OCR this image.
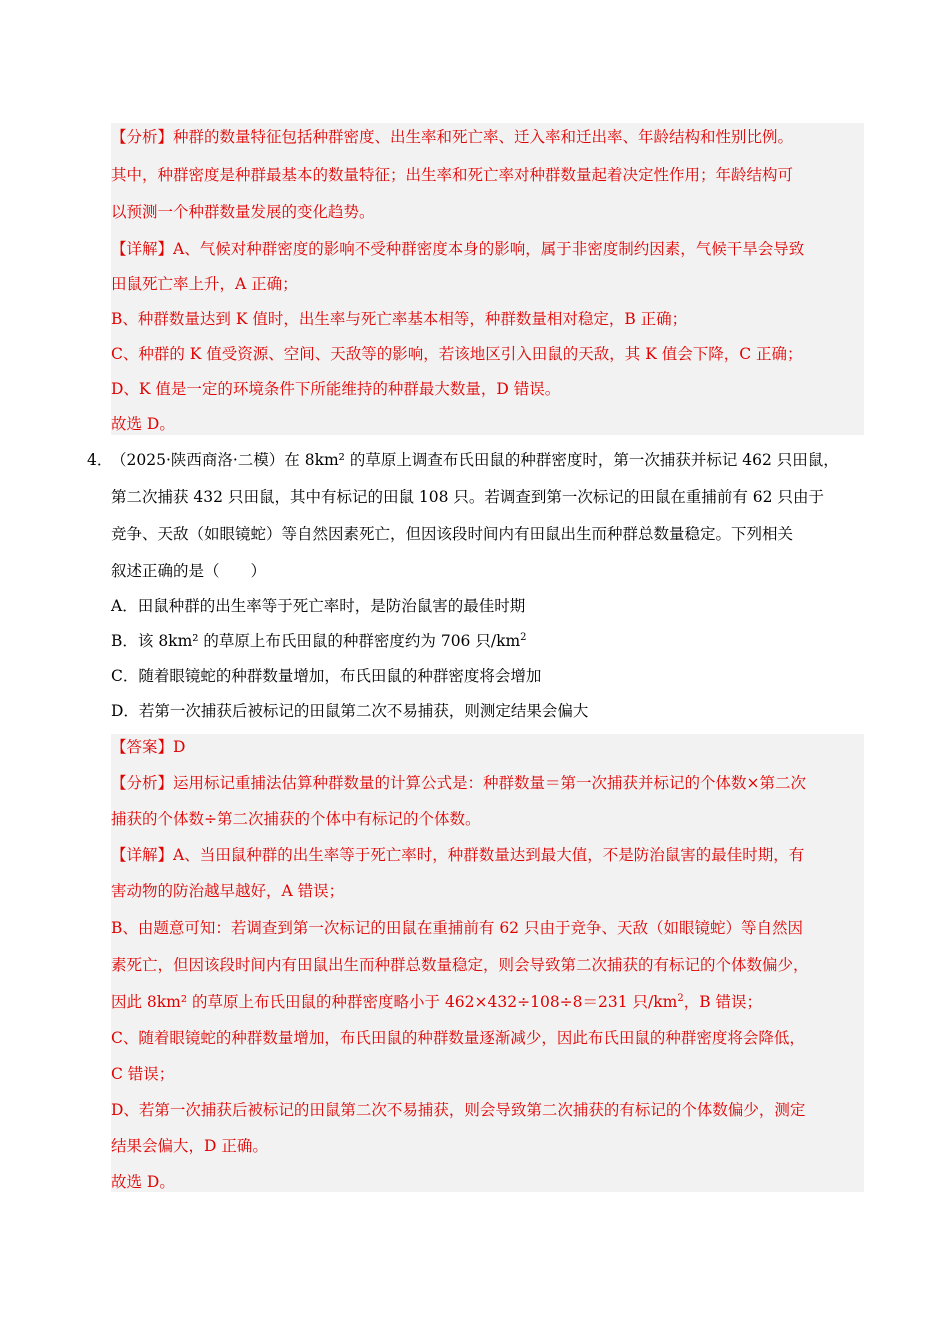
【分析】种群的数量特征包括种群密度、出生率和死亡率、迁入率和迁出率、年龄结构和性别比例。
其中，种群密度是种群最基本的数量特征；出生率和死亡率对种群数量起着决定性作用；年龄结构可
以预测一个种群数量发展的变化趋势。
【详解】A、气候对种群密度的影响不受种群密度本身的影响，属于非密度制约因素，气候干旱会导致
田鼠死亡率上升，A 正确；
B、种群数量达到 K 值时，出生率与死亡率基本相等，种群数量相对稳定，B 正确；
C、种群的 K 值受资源、空间、天敌等的影响，若该地区引入田鼠的天敌，其 K 值会下降，C 正确；
D、K 值是一定的环境条件下所能维持的种群最大数量，D 错误。
故选 D。
4．
（2025·陕西商洛·二模）在 8km² 的草原上调查布氏田鼠的种群密度时，第一次捕获并标记 462 只田鼠，
第二次捕获 432 只田鼠，其中有标记的田鼠 108 只。若调查到第一次标记的田鼠在重捕前有 62 只由于
竞争、天敌（如眼镜蛇）等自然因素死亡，但因该段时间内有田鼠出生而种群总数量稳定。下列相关
叙述正确的是（　　）
A．田鼠种群的出生率等于死亡率时，是防治鼠害的最佳时期
B．该 8km² 的草原上布氏田鼠的种群密度约为 706 只$/km^2$
C．随着眼镜蛇的种群数量增加，布氏田鼠的种群密度将会增加
D．若第一次捕获后被标记的田鼠第二次不易捕获，则测定结果会偏大
【答案】D
【分析】运用标记重捕法估算种群数量的计算公式是：种群数量＝第一次捕获并标记的个体数×第二次
捕获的个体数÷第二次捕获的个体中有标记的个体数。
【详解】A、当田鼠种群的出生率等于死亡率时，种群数量达到最大值，不是防治鼠害的最佳时期，有
害动物的防治越早越好，A 错误；
B、由题意可知：若调查到第一次标记的田鼠在重捕前有 62 只由于竞争、天敌（如眼镜蛇）等自然因
素死亡，但因该段时间内有田鼠出生而种群总数量稳定，则会导致第二次捕获的有标记的个体数偏少，
因此 8km² 的草原上布氏田鼠的种群密度略小于 462×432÷108÷8＝231 只$/km^2$，B 错误；
C、随着眼镜蛇的种群数量增加，布氏田鼠的种群数量逐渐减少，因此布氏田鼠的种群密度将会降低，
C 错误；
D、若第一次捕获后被标记的田鼠第二次不易捕获，则会导致第二次捕获的有标记的个体数偏少，测定
结果会偏大，D 正确。
故选 D。
